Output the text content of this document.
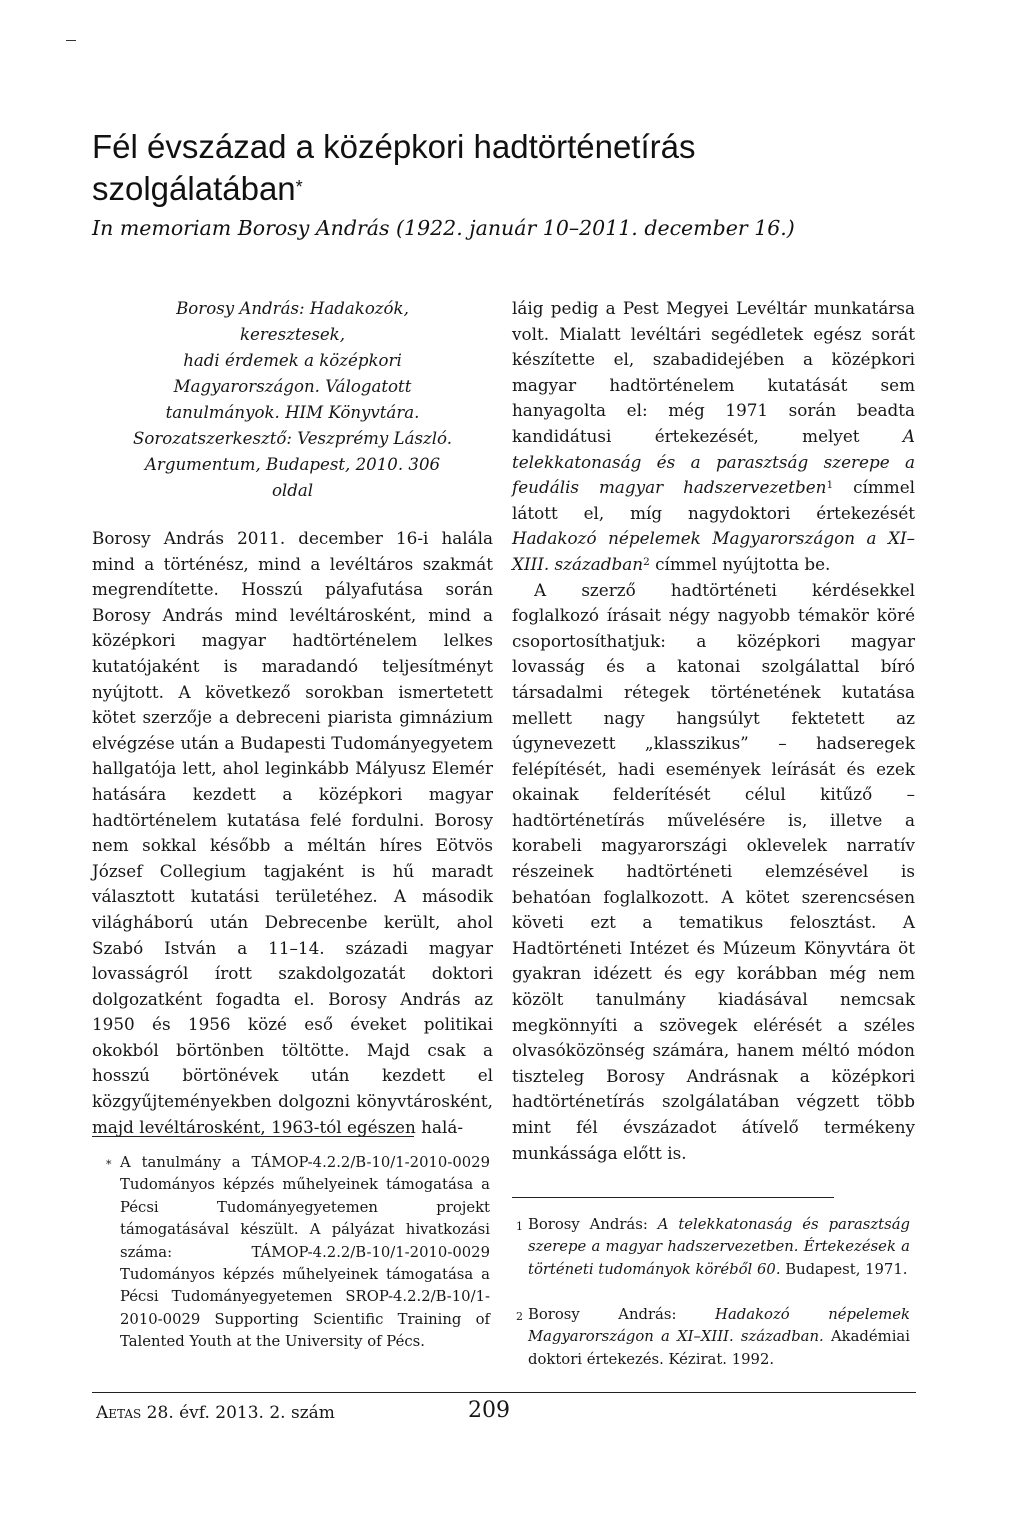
Fél évszázad a középkori hadtörténetírás szolgálatában*
In memoriam Borosy András (1922. január 10–2011. december 16.)

Borosy András: Hadakozók, keresztesek,
hadi érdemek a középkori
Magyarországon. Válogatott
tanulmányok. HIM Könyvtára.
Sorozatszerkesztő: Veszprémy László.
Argumentum, Budapest, 2010. 306 oldal

Borosy András 2011. december 16-i halála mind a történész, mind a levéltáros szakmát megrendítette. Hosszú pályafutása során Borosy András mind levéltárosként, mind a középkori magyar hadtörténelem lelkes kutatójaként is maradandó teljesítményt nyújtott. A következő sorokban ismertetett kötet szerzője a debreceni piarista gimnázium elvégzése után a Budapesti Tudományegyetem hallgatója lett, ahol leginkább Mályusz Elemér hatására kezdett a középkori magyar hadtörténelem kutatása felé fordulni. Borosy nem sokkal később a méltán híres Eötvös József Collegium tagjaként is hű maradt választott kutatási területéhez. A második világháború után Debrecenbe került, ahol Szabó István a 11–14. századi magyar lovasságról írott szakdolgozatát doktori dolgozatként fogadta el. Borosy András az 1950 és 1956 közé eső éveket politikai okokból börtönben töltötte. Majd csak a hosszú börtönévek után kezdett el közgyűjteményekben dolgozni könyvtárosként, majd levéltárosként, 1963-tól egészen halá-

láig pedig a Pest Megyei Levéltár munkatársa volt. Mialatt levéltári segédletek egész sorát készítette el, szabadidejében a középkori magyar hadtörténelem kutatását sem hanyagolta el: még 1971 során beadta kandidátusi értekezését, melyet A telekkatonaság és a parasztság szerepe a feudális magyar hadszervezetben$^1$ címmel látott el, míg nagydoktori értekezését Hadakozó népelemek Magyarországon a XI–XIII. században$^2$ címmel nyújtotta be.

A szerző hadtörténeti kérdésekkel foglalkozó írásait négy nagyobb témakör köré csoportosíthatjuk: a középkori magyar lovasság és a katonai szolgálattal bíró társadalmi rétegek történetének kutatása mellett nagy hangsúlyt fektetett az úgynevezett „klasszikus” – hadseregek felépítését, hadi események leírását és ezek okainak felderítését célul kitűző – hadtörténetírás művelésére is, illetve a korabeli magyarországi oklevelek narratív részeinek hadtörténeti elemzésével is behatóan foglalkozott. A kötet szerencsésen követi ezt a tematikus felosztást. A Hadtörténeti Intézet és Múzeum Könyvtára öt gyakran idézett és egy korábban még nem közölt tanulmány kiadásával nemcsak megkönnyíti a szövegek elérését a széles olvasóközönség számára, hanem méltó módon tiszteleg Borosy Andrásnak a középkori hadtörténetírás szolgálatában végzett több mint fél évszázadot átívelő termékeny munkássága előtt is.

* A tanulmány a TÁMOP-4.2.2/B-10/1-2010-0029 Tudományos képzés műhelyeinek támogatása a Pécsi Tudományegyetemen projekt támogatásával készült. A pályázat hivatkozási száma: TÁMOP-4.2.2/B-10/1-2010-0029 Tudományos képzés műhelyeinek támogatása a Pécsi Tudományegyetemen SROP-4.2.2/B-10/1-2010-0029 Supporting Scientific Training of Talented Youth at the University of Pécs.
1 Borosy András: A telekkatonaság és parasztság szerepe a magyar hadszervezetben. Értekezések a történeti tudományok köréből 60. Budapest, 1971.
2 Borosy András: Hadakozó népelemek Magyarországon a XI–XIII. században. Akadémiai doktori értekezés. Kézirat. 1992.
Aetas 28. évf. 2013. 2. szám	209
